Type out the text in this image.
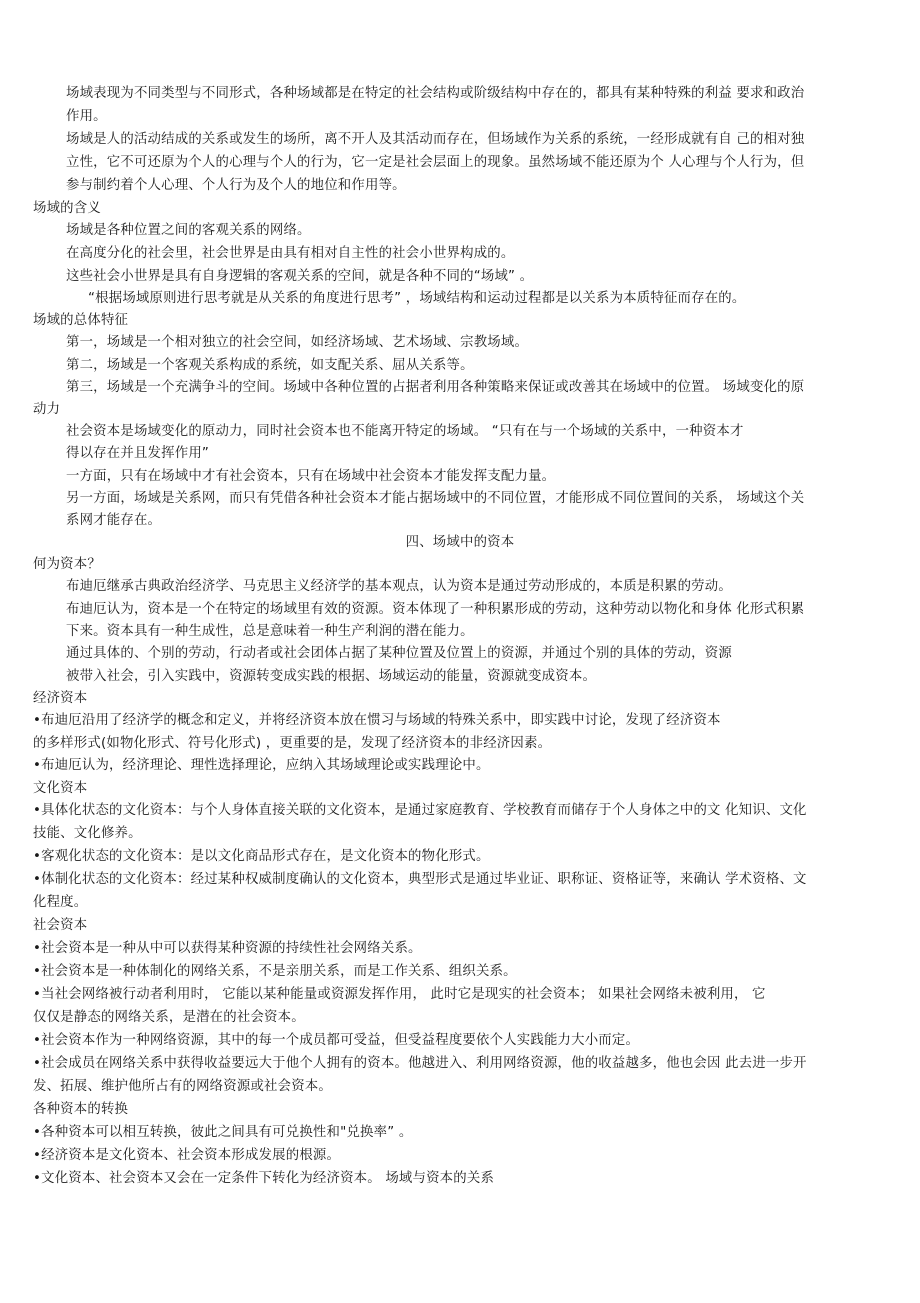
场域表现为不同类型与不同形式，各种场域都是在特定的社会结构或阶级结构中存在的，都具有某种特殊的利益 要求和政治
作用。
场域是人的活动结成的关系或发生的场所，离不开人及其活动而存在，但场域作为关系的系统，一经形成就有自 己的相对独
立性，它不可还原为个人的心理与个人的行为，它一定是社会层面上的现象。虽然场域不能还原为个 人心理与个人行为，但
参与制约着个人心理、个人行为及个人的地位和作用等。
场域的含义
场域是各种位置之间的客观关系的网络。
在高度分化的社会里，社会世界是由具有相对自主性的社会小世界构成的。
这些社会小世界是具有自身逻辑的客观关系的空间，就是各种不同的“场域” 。
“根据场域原则进行思考就是从关系的角度进行思考” ，场域结构和运动过程都是以关系为本质特征而存在的。
场域的总体特征
第一，场域是一个相对独立的社会空间，如经济场域、艺术场域、宗教场域。
第二，场域是一个客观关系构成的系统，如支配关系、屈从关系等。
第三，场域是一个充满争斗的空间。场域中各种位置的占据者利用各种策略来保证或改善其在场域中的位置。 场域变化的原
动力
社会资本是场域变化的原动力，同时社会资本也不能离开特定的场域。 “只有在与一个场域的关系中，一种资本才
得以存在并且发挥作用”
一方面，只有在场域中才有社会资本，只有在场域中社会资本才能发挥支配力量。
另一方面，场域是关系网，而只有凭借各种社会资本才能占据场域中的不同位置，才能形成不同位置间的关系， 场域这个关
系网才能存在。
四、场域中的资本
何为资本？
布迪厄继承古典政治经济学、马克思主义经济学的基本观点，认为资本是通过劳动形成的，本质是积累的劳动。
布迪厄认为，资本是一个在特定的场域里有效的资源。资本体现了一种积累形成的劳动，这种劳动以物化和身体 化形式积累
下来。资本具有一种生成性，总是意味着一种生产利润的潜在能力。
通过具体的、个别的劳动，行动者或社会团体占据了某种位置及位置上的资源，并通过个别的具体的劳动，资源
被带入社会，引入实践中，资源转变成实践的根据、场域运动的能量，资源就变成资本。
经济资本
•布迪厄沿用了经济学的概念和定义，并将经济资本放在惯习与场域的特殊关系中，即实践中讨论，发现了经济资本
的多样形式(如物化形式、符号化形式) ，更重要的是，发现了经济资本的非经济因素。
•布迪厄认为，经济理论、理性选择理论，应纳入其场域理论或实践理论中。
文化资本
•具体化状态的文化资本：与个人身体直接关联的文化资本，是通过家庭教育、学校教育而储存于个人身体之中的文 化知识、文化
技能、文化修养。
•客观化状态的文化资本：是以文化商品形式存在，是文化资本的物化形式。
•体制化状态的文化资本：经过某种权威制度确认的文化资本，典型形式是通过毕业证、职称证、资格证等，来确认 学术资格、文
化程度。
社会资本
•社会资本是一种从中可以获得某种资源的持续性社会网络关系。
•社会资本是一种体制化的网络关系，不是亲朋关系，而是工作关系、组织关系。
•当社会网络被行动者利用时， 它能以某种能量或资源发挥作用， 此时它是现实的社会资本； 如果社会网络未被利用， 它
仅仅是静态的网络关系，是潜在的社会资本。
•社会资本作为一种网络资源，其中的每一个成员都可受益，但受益程度要依个人实践能力大小而定。
•社会成员在网络关系中获得收益要远大于他个人拥有的资本。他越进入、利用网络资源，他的收益越多，他也会因 此去进一步开
发、拓展、维护他所占有的网络资源或社会资本。
各种资本的转换
•各种资本可以相互转换，彼此之间具有可兑换性和"兑换率” 。
•经济资本是文化资本、社会资本形成发展的根源。
•文化资本、社会资本又会在一定条件下转化为经济资本。 场域与资本的关系
